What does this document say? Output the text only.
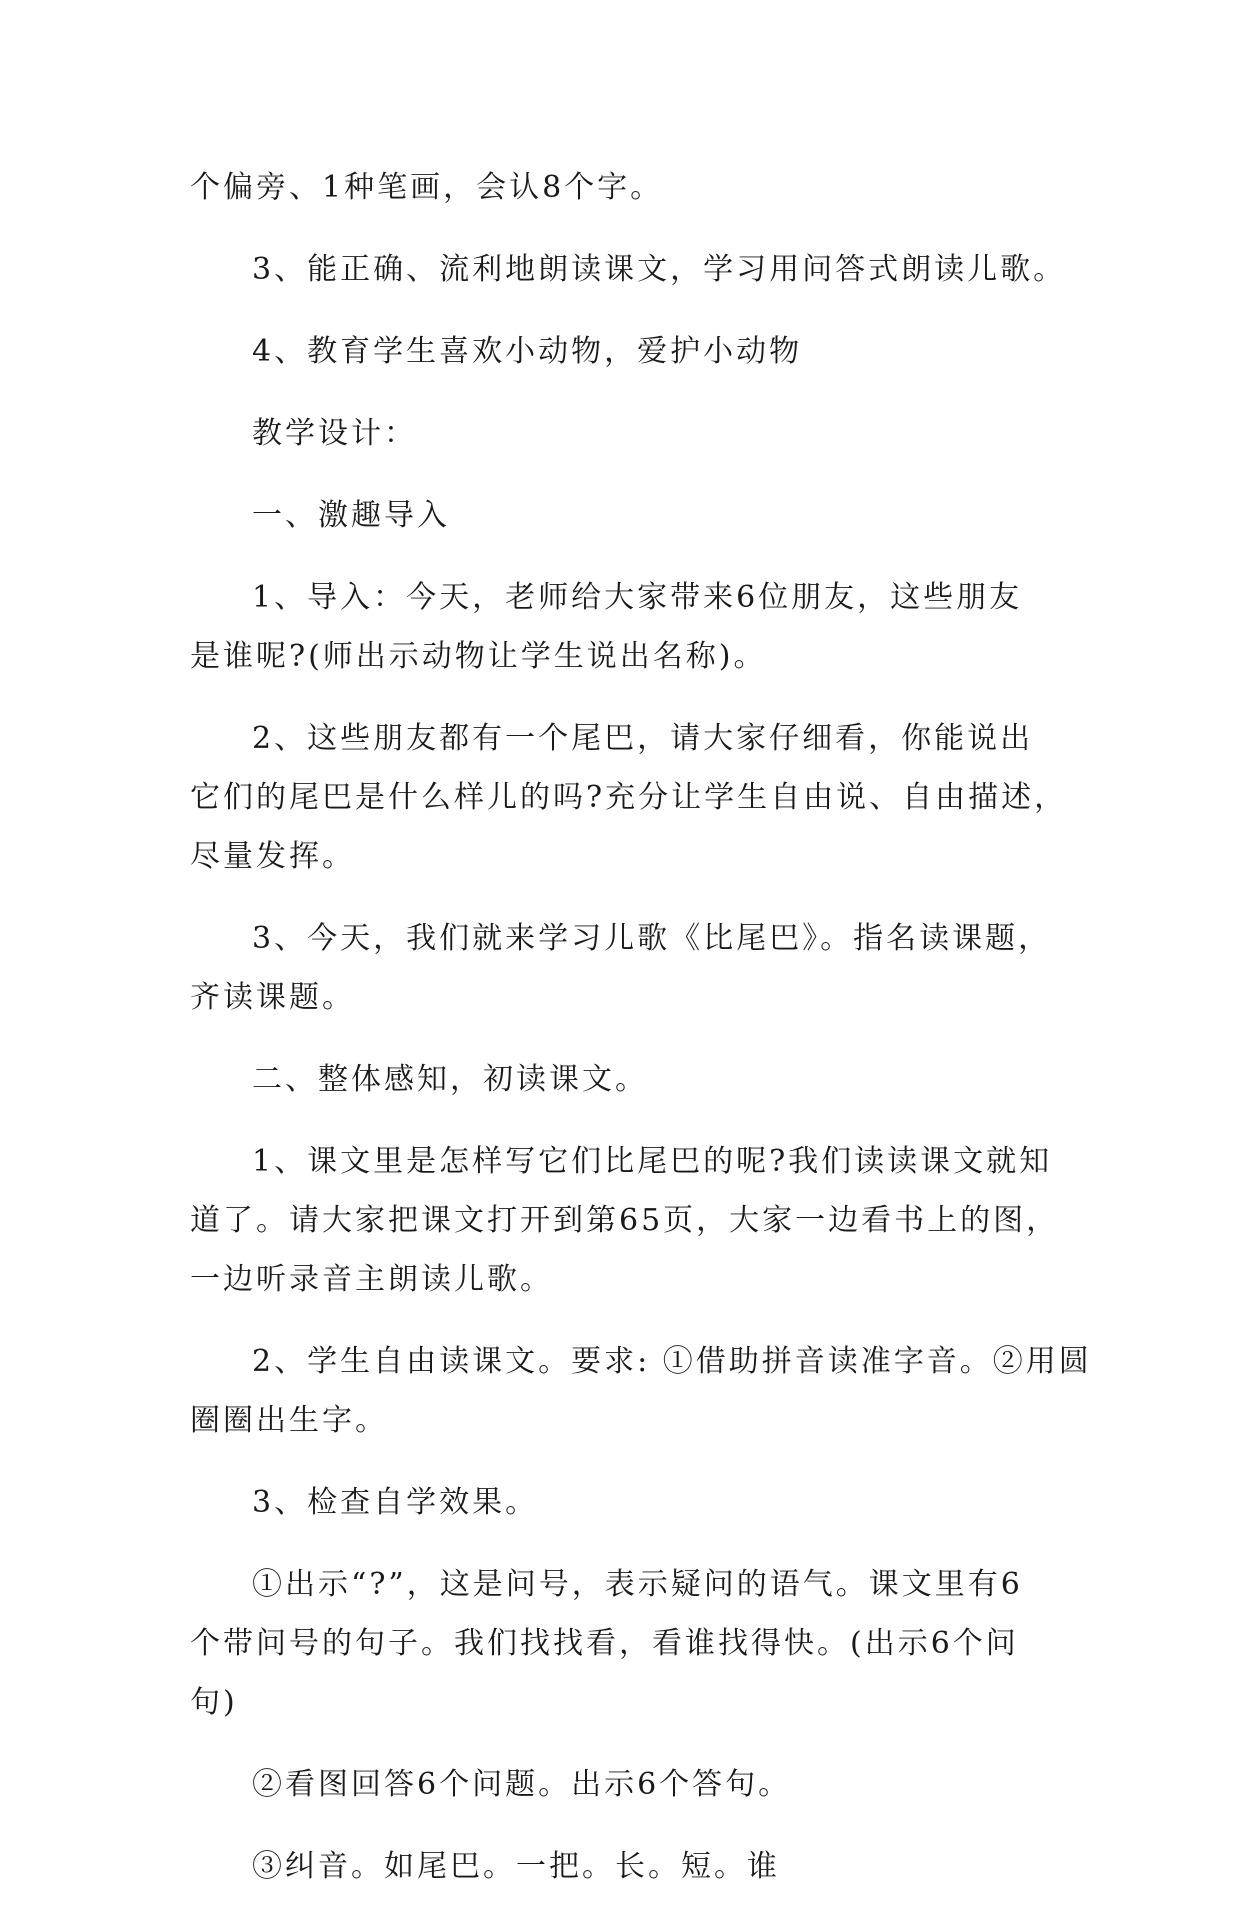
个偏旁、1种笔画，会认8个字。
3、能正确、流利地朗读课文，学习用问答式朗读儿歌。
4、教育学生喜欢小动物，爱护小动物
教学设计：
一、激趣导入
1、导入：今天，老师给大家带来6位朋友，这些朋友
是谁呢?(师出示动物让学生说出名称)。
2、这些朋友都有一个尾巴，请大家仔细看，你能说出
它们的尾巴是什么样儿的吗?充分让学生自由说、自由描述，
尽量发挥。
3、今天，我们就来学习儿歌《比尾巴》。指名读课题，
齐读课题。
二、整体感知，初读课文。
1、课文里是怎样写它们比尾巴的呢?我们读读课文就知
道了。请大家把课文打开到第65页，大家一边看书上的图，
一边听录音主朗读儿歌。
2、学生自由读课文。要求: ①借助拼音读准字音。②用圆
圈圈出生字。
3、检查自学效果。
①出示“?”，这是问号，表示疑问的语气。课文里有6
个带问号的句子。我们找找看，看谁找得快。(出示6个问
句)
②看图回答6个问题。出示6个答句。
③纠音。如尾巴。一把。长。短。谁
